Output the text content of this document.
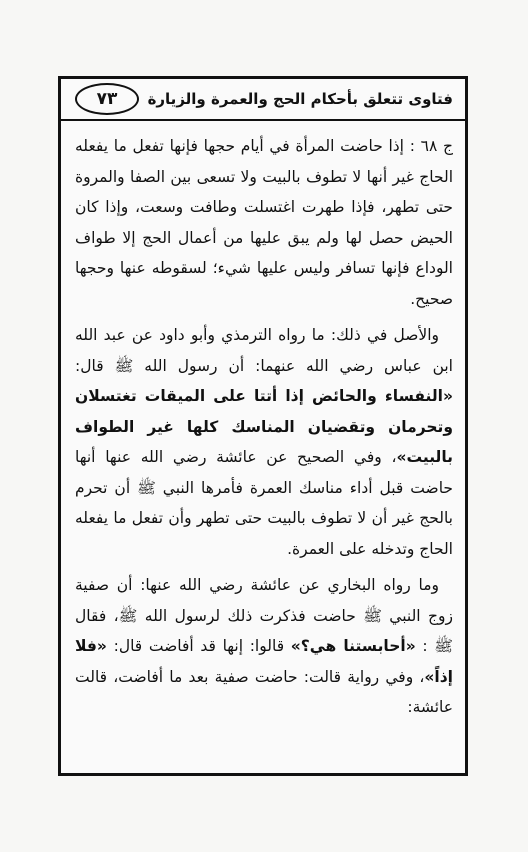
٧٣	فتاوى تتعلق بأحكام الحج والعمرة والزيارة

ج ٦٨ : إذا حاضت المرأة في أيام حجها فإنها تفعل ما يفعله الحاج غير أنها لا تطوف بالبيت ولا تسعى بين الصفا والمروة حتى تطهر، فإذا طهرت اغتسلت وطافت وسعت، وإذا كان الحيض حصل لها ولم يبق عليها من أعمال الحج إلا طواف الوداع فإنها تسافر وليس عليها شيء؛ لسقوطه عنها وحجها صحيح.

والأصل في ذلك: ما رواه الترمذي وأبو داود عن عبد الله ابن عباس رضي الله عنهما: أن رسول الله ﷺ قال: «النفساء والحائض إذا أتتا على الميقات تغتسلان وتحرمان وتقضيان المناسك كلها غير الطواف بالبيت»، وفي الصحيح عن عائشة رضي الله عنها أنها حاضت قبل أداء مناسك العمرة فأمرها النبي ﷺ أن تحرم بالحج غير أن لا تطوف بالبيت حتى تطهر وأن تفعل ما يفعله الحاج وتدخله على العمرة.

وما رواه البخاري عن عائشة رضي الله عنها: أن صفية زوج النبي ﷺ حاضت فذكرت ذلك لرسول الله ﷺ، فقال ﷺ : «أحابستنا هي؟» قالوا: إنها قد أفاضت قال: «فلا إذاً»، وفي رواية قالت: حاضت صفية بعد ما أفاضت، قالت عائشة:
